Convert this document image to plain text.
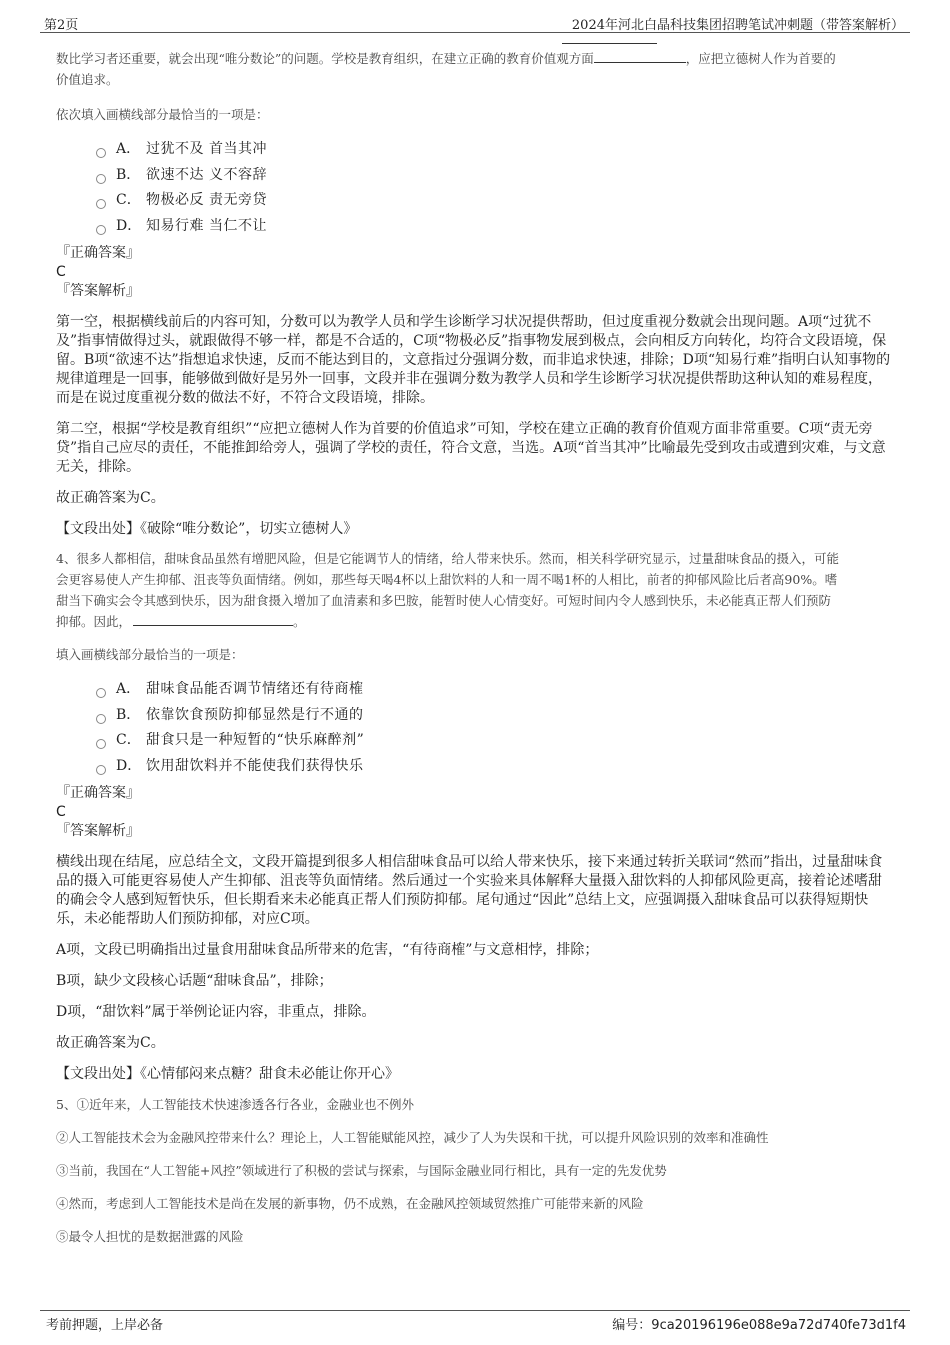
第2页	2024年河北白晶科技集团招聘笔试冲刺题（带答案解析）
数比学习者还重要，就会出现“唯分数论”的问题。学校是教育组织，在建立正确的教育价值观方面	，应把立德树人作为首要的
价值追求。
依次填入画横线部分最恰当的一项是：
A． 过犹不及 首当其冲
B． 欲速不达 义不容辞
C． 物极必反 责无旁贷
D． 知易行难 当仁不让
『正确答案』
C
『答案解析』

第一空，根据横线前后的内容可知，分数可以为教学人员和学生诊断学习状况提供帮助，但过度重视分数就会出现问题。A项“过犹不及”指事情做得过头，就跟做得不够一样，都是不合适的，C项“物极必反”指事物发展到极点，会向相反方向转化，均符合文段语境，保留。B项“欲速不达”指想追求快速，反而不能达到目的，文意指过分强调分数，而非追求快速，排除；D项“知易行难”指明白认知事物的规律道理是一回事，能够做到做好是另外一回事，文段并非在强调分数为教学人员和学生诊断学习状况提供帮助这种认知的难易程度，而是在说过度重视分数的做法不好，不符合文段语境，排除。

第二空，根据“学校是教育组织”“应把立德树人作为首要的价值追求”可知，学校在建立正确的教育价值观方面非常重要。C项“责无旁贷”指自己应尽的责任，不能推卸给旁人，强调了学校的责任，符合文意，当选。A项“首当其冲”比喻最先受到攻击或遭到灾难，与文意无关，排除。

故正确答案为C。

【文段出处】《破除“唯分数论”，切实立德树人》

4、很多人都相信，甜味食品虽然有增肥风险，但是它能调节人的情绪，给人带来快乐。然而，相关科学研究显示，过量甜味食品的摄入，可能
会更容易使人产生抑郁、沮丧等负面情绪。例如，那些每天喝4杯以上甜饮料的人和一周不喝1杯的人相比，前者的抑郁风险比后者高90%。嗜
甜当下确实会令其感到快乐，因为甜食摄入增加了血清素和多巴胺，能暂时使人心情变好。可短时间内令人感到快乐，未必能真正帮人们预防
抑郁。因此，	。
填入画横线部分最恰当的一项是：
A． 甜味食品能否调节情绪还有待商榷
B． 依靠饮食预防抑郁显然是行不通的
C． 甜食只是一种短暂的“快乐麻醉剂”
D． 饮用甜饮料并不能使我们获得快乐
『正确答案』
C
『答案解析』

横线出现在结尾，应总结全文，文段开篇提到很多人相信甜味食品可以给人带来快乐，接下来通过转折关联词“然而”指出，过量甜味食品的摄入可能更容易使人产生抑郁、沮丧等负面情绪。然后通过一个实验来具体解释大量摄入甜饮料的人抑郁风险更高，接着论述嗜甜的确会令人感到短暂快乐，但长期看来未必能真正帮人们预防抑郁。尾句通过“因此”总结上文，应强调摄入甜味食品可以获得短期快乐，未必能帮助人们预防抑郁，对应C项。

A项，文段已明确指出过量食用甜味食品所带来的危害，“有待商榷”与文意相悖，排除；

B项，缺少文段核心话题“甜味食品”，排除；

D项，“甜饮料”属于举例论证内容，非重点，排除。

故正确答案为C。

【文段出处】《心情郁闷来点糖？甜食未必能让你开心》

5、①近年来，人工智能技术快速渗透各行各业，金融业也不例外
②人工智能技术会为金融风控带来什么？理论上，人工智能赋能风控，减少了人为失误和干扰，可以提升风险识别的效率和准确性
③当前，我国在“人工智能+风控”领域进行了积极的尝试与探索，与国际金融业同行相比，具有一定的先发优势
④然而，考虑到人工智能技术是尚在发展的新事物，仍不成熟，在金融风控领域贸然推广可能带来新的风险
⑤最令人担忧的是数据泄露的风险
考前押题，上岸必备	编号：9ca20196196e088e9a72d740fe73d1f4
